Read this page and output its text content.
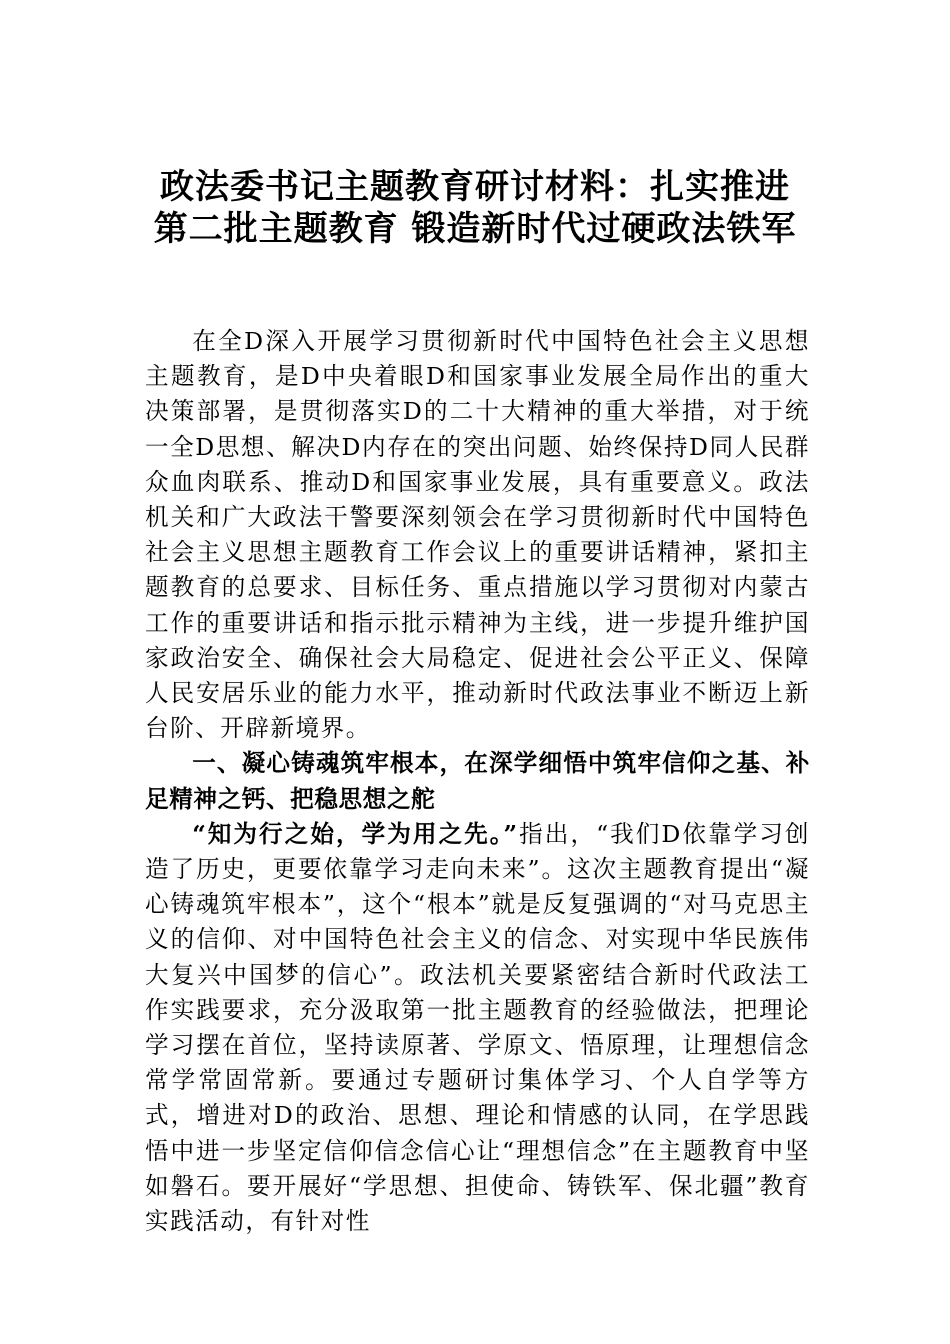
政法委书记主题教育研讨材料：扎实推进
第二批主题教育 锻造新时代过硬政法铁军

在全D深入开展学习贯彻新时代中国特色社会主义思想主题教育，是D中央着眼D和国家事业发展全局作出的重大决策部署，是贯彻落实D的二十大精神的重大举措，对于统一全D思想、解决D内存在的突出问题、始终保持D同人民群众血肉联系、推动D和国家事业发展，具有重要意义。政法机关和广大政法干警要深刻领会在学习贯彻新时代中国特色社会主义思想主题教育工作会议上的重要讲话精神，紧扣主题教育的总要求、目标任务、重点措施以学习贯彻对内蒙古工作的重要讲话和指示批示精神为主线，进一步提升维护国家政治安全、确保社会大局稳定、促进社会公平正义、保障人民安居乐业的能力水平，推动新时代政法事业不断迈上新台阶、开辟新境界。

一、凝心铸魂筑牢根本，在深学细悟中筑牢信仰之基、补足精神之钙、把稳思想之舵

“知为行之始，学为用之先。”指出，“我们D依靠学习创造了历史，更要依靠学习走向未来”。这次主题教育提出“凝心铸魂筑牢根本”，这个“根本”就是反复强调的“对马克思主义的信仰、对中国特色社会主义的信念、对实现中华民族伟大复兴中国梦的信心”。政法机关要紧密结合新时代政法工作实践要求，充分汲取第一批主题教育的经验做法，把理论学习摆在首位，坚持读原著、学原文、悟原理，让理想信念常学常固常新。要通过专题研讨集体学习、个人自学等方式，增进对D的政治、思想、理论和情感的认同，在学思践悟中进一步坚定信仰信念信心让“理想信念”在主题教育中坚如磐石。要开展好“学思想、担使命、铸铁军、保北疆”教育实践活动，有针对性
